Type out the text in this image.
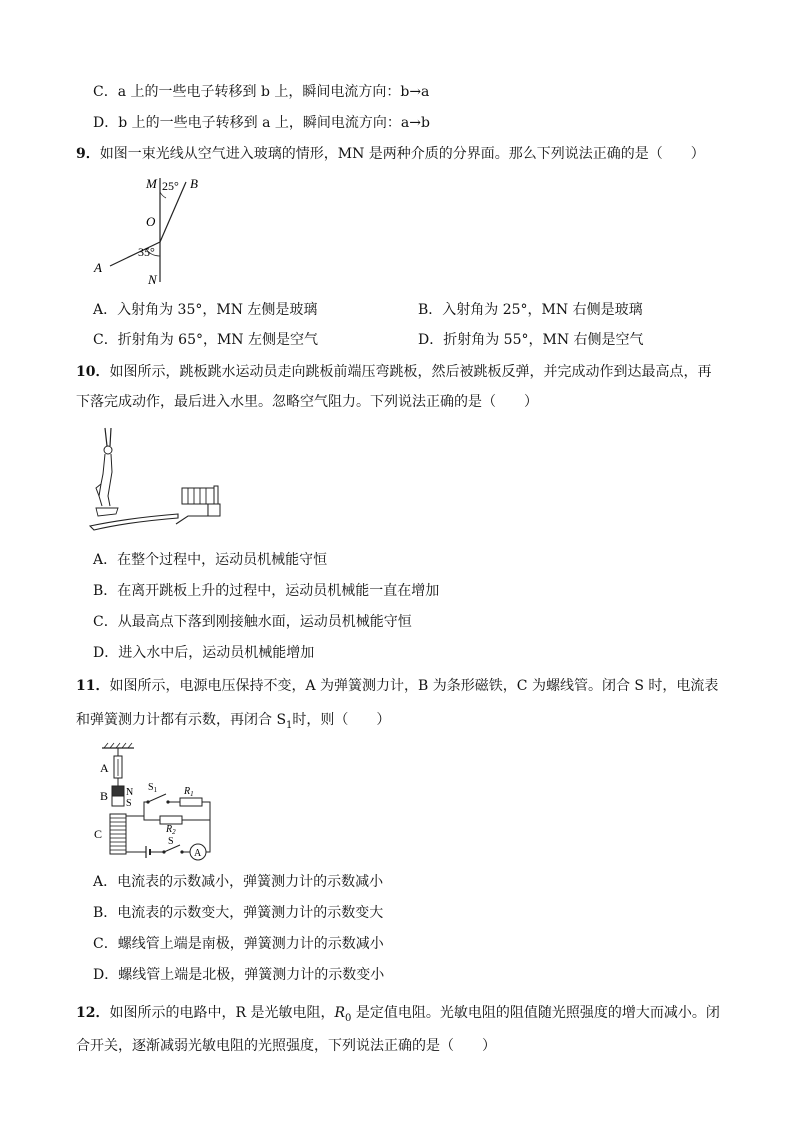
C．a 上的一些电子转移到 b 上，瞬间电流方向：b→a
D．b 上的一些电子转移到 a 上，瞬间电流方向：a→b
9．如图一束光线从空气进入玻璃的情形，MN 是两种介质的分界面。那么下列说法正确的是（　　）
M 25° B
O
35°
A
N
A．入射角为 35°，MN 左侧是玻璃	B．入射角为 25°，MN 右侧是玻璃
C．折射角为 65°，MN 左侧是空气	D．折射角为 55°，MN 右侧是空气
10．如图所示，跳板跳水运动员走向跳板前端压弯跳板，然后被跳板反弹，并完成动作到达最高点，再
下落完成动作，最后进入水里。忽略空气阻力。下列说法正确的是（　　）
A．在整个过程中，运动员机械能守恒
B．在离开跳板上升的过程中，运动员机械能一直在增加
C．从最高点下落到刚接触水面，运动员机械能守恒
D．进入水中后，运动员机械能增加
11．如图所示，电源电压保持不变，A 为弹簧测力计，B 为条形磁铁，C 为螺线管。闭合 S 时，电流表
和弹簧测力计都有示数，再闭合 $S_1$时，则（　　）
A
B N
S
C
$S_1$	$R_1$
$R_2$
S
A
A．电流表的示数减小，弹簧测力计的示数减小
B．电流表的示数变大，弹簧测力计的示数变大
C．螺线管上端是南极，弹簧测力计的示数减小
D．螺线管上端是北极，弹簧测力计的示数变小
12．如图所示的电路中，R 是光敏电阻，$R_0$ 是定值电阻。光敏电阻的阻值随光照强度的增大而减小。闭
合开关，逐渐减弱光敏电阻的光照强度，下列说法正确的是（　　）
